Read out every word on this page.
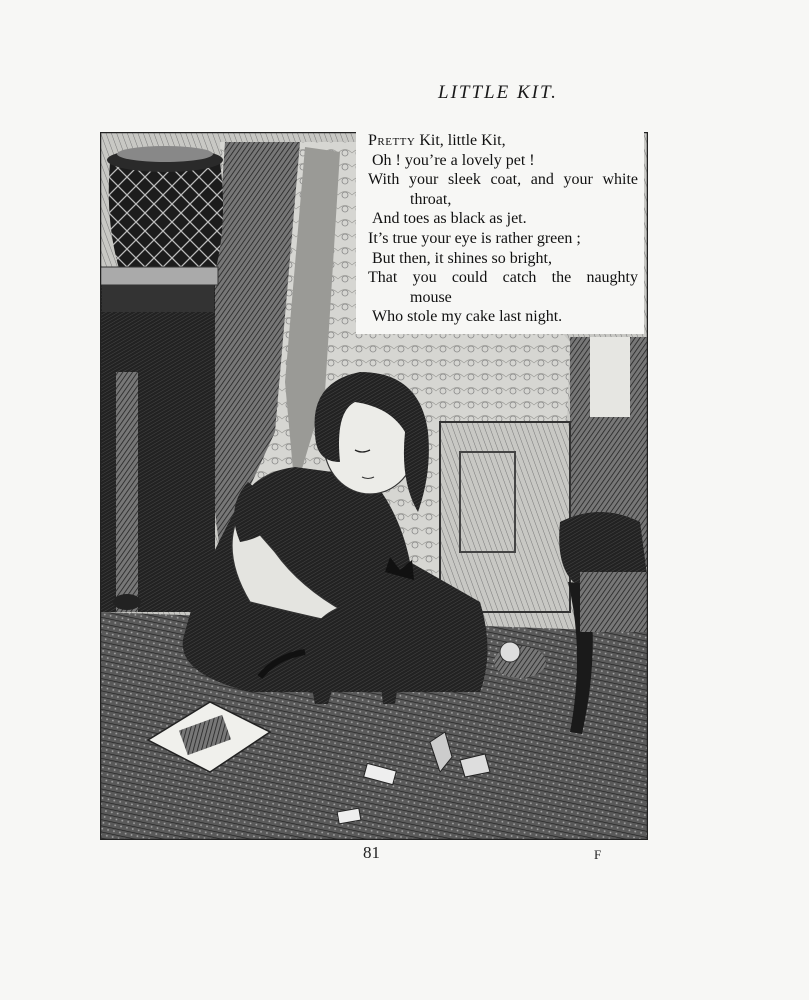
LITTLE KIT.
Pretty Kit, little Kit,
Oh ! you’re a lovely pet !
With your sleek coat, and your white
throat,
And toes as black as jet.
It’s true your eye is rather green ;
But then, it shines so bright,
That you could catch the naughty
mouse
Who stole my cake last night.
81	F
